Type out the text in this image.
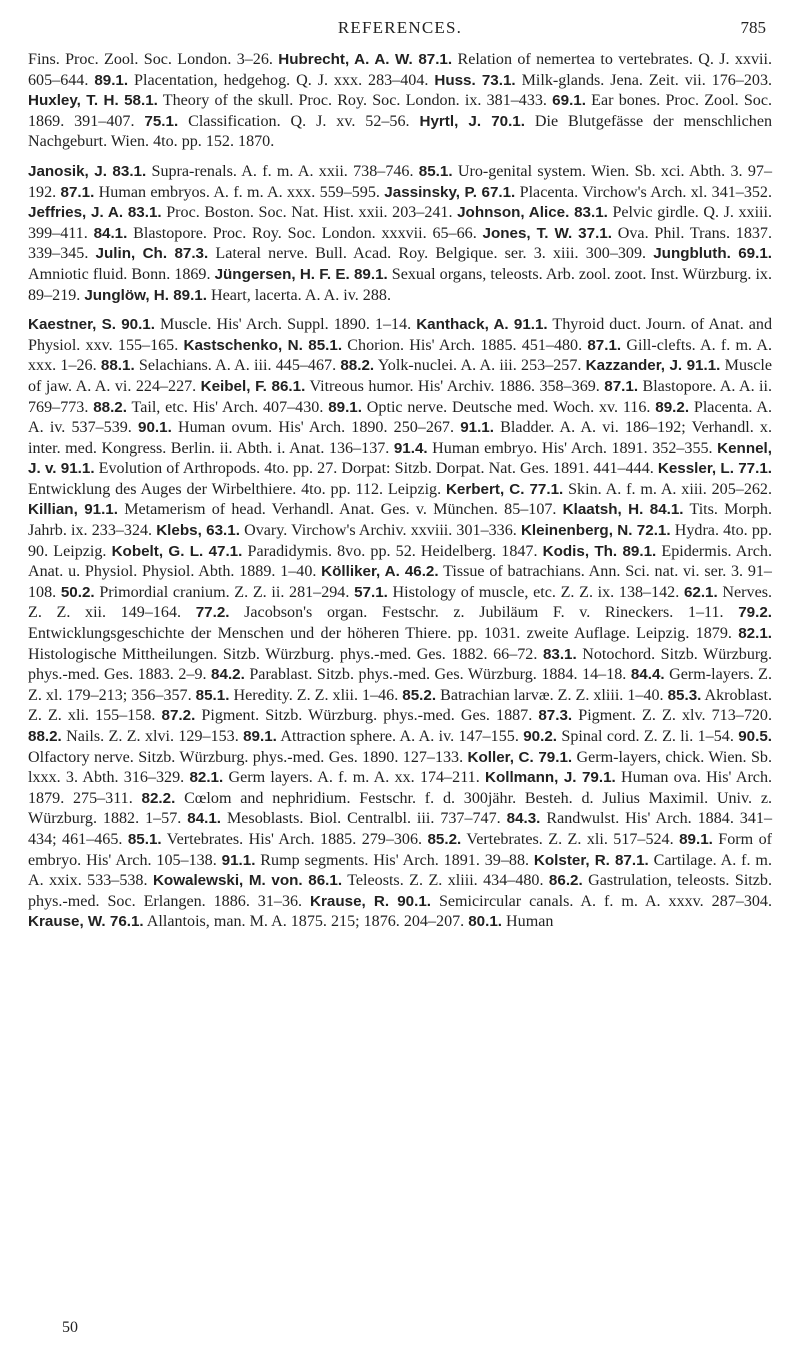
REFERENCES.	785

Fins. Proc. Zool. Soc. London. 3–26. Hubrecht, A. A. W. 87.1. Relation of nemertea to vertebrates. Q. J. xxvii. 605–644. 89.1. Placentation, hedgehog. Q. J. xxx. 283–404. Huss. 73.1. Milk-glands. Jena. Zeit. vii. 176–203. Huxley, T. H. 58.1. Theory of the skull. Proc. Roy. Soc. London. ix. 381–433. 69.1. Ear bones. Proc. Zool. Soc. 1869. 391–407. 75.1. Classification. Q. J. xv. 52–56. Hyrtl, J. 70.1. Die Blutgefässe der menschlichen Nachgeburt. Wien. 4to. pp. 152. 1870.

Janosik, J. 83.1. Supra-renals. A. f. m. A. xxii. 738–746. 85.1. Uro-genital system. Wien. Sb. xci. Abth. 3. 97–192. 87.1. Human embryos. A. f. m. A. xxx. 559–595. Jassinsky, P. 67.1. Placenta. Virchow's Arch. xl. 341–352. Jeffries, J. A. 83.1. Proc. Boston. Soc. Nat. Hist. xxii. 203–241. Johnson, Alice. 83.1. Pelvic girdle. Q. J. xxiii. 399–411. 84.1. Blastopore. Proc. Roy. Soc. London. xxxvii. 65–66. Jones, T. W. 37.1. Ova. Phil. Trans. 1837. 339–345. Julin, Ch. 87.3. Lateral nerve. Bull. Acad. Roy. Belgique. ser. 3. xiii. 300–309. Jungbluth. 69.1. Amniotic fluid. Bonn. 1869. Jüngersen, H. F. E. 89.1. Sexual organs, teleosts. Arb. zool. zoot. Inst. Würzburg. ix. 89–219. Junglöw, H. 89.1. Heart, lacerta. A. A. iv. 288.

Kaestner, S. 90.1. Muscle. His' Arch. Suppl. 1890. 1–14. Kanthack, A. 91.1. Thyroid duct. Journ. of Anat. and Physiol. xxv. 155–165. Kastschenko, N. 85.1. Chorion. His' Arch. 1885. 451–480. 87.1. Gill-clefts. A. f. m. A. xxx. 1–26. 88.1. Selachians. A. A. iii. 445–467. 88.2. Yolk-nuclei. A. A. iii. 253–257. Kazzander, J. 91.1. Muscle of jaw. A. A. vi. 224–227. Keibel, F. 86.1. Vitreous humor. His' Archiv. 1886. 358–369. 87.1. Blastopore. A. A. ii. 769–773. 88.2. Tail, etc. His' Arch. 407–430. 89.1. Optic nerve. Deutsche med. Woch. xv. 116. 89.2. Placenta. A. A. iv. 537–539. 90.1. Human ovum. His' Arch. 1890. 250–267. 91.1. Bladder. A. A. vi. 186–192; Verhandl. x. inter. med. Kongress. Berlin. ii. Abth. i. Anat. 136–137. 91.4. Human embryo. His' Arch. 1891. 352–355. Kennel, J. v. 91.1. Evolution of Arthropods. 4to. pp. 27. Dorpat: Sitzb. Dorpat. Nat. Ges. 1891. 441–444. Kessler, L. 77.1. Entwicklung des Auges der Wirbelthiere. 4to. pp. 112. Leipzig. Kerbert, C. 77.1. Skin. A. f. m. A. xiii. 205–262. Killian, 91.1. Metamerism of head. Verhandl. Anat. Ges. v. München. 85–107. Klaatsh, H. 84.1. Tits. Morph. Jahrb. ix. 233–324. Klebs, 63.1. Ovary. Virchow's Archiv. xxviii. 301–336. Kleinenberg, N. 72.1. Hydra. 4to. pp. 90. Leipzig. Kobelt, G. L. 47.1. Paradidymis. 8vo. pp. 52. Heidelberg. 1847. Kodis, Th. 89.1. Epidermis. Arch. Anat. u. Physiol. Physiol. Abth. 1889. 1–40. Kölliker, A. 46.2. Tissue of batrachians. Ann. Sci. nat. vi. ser. 3. 91–108. 50.2. Primordial cranium. Z. Z. ii. 281–294. 57.1. Histology of muscle, etc. Z. Z. ix. 138–142. 62.1. Nerves. Z. Z. xii. 149–164. 77.2. Jacobson's organ. Festschr. z. Jubiläum F. v. Rineckers. 1–11. 79.2. Entwicklungsgeschichte der Menschen und der höheren Thiere. pp. 1031. zweite Auflage. Leipzig. 1879. 82.1. Histologische Mittheilungen. Sitzb. Würzburg. phys.-med. Ges. 1882. 66–72. 83.1. Notochord. Sitzb. Würzburg. phys.-med. Ges. 1883. 2–9. 84.2. Parablast. Sitzb. phys.-med. Ges. Würzburg. 1884. 14–18. 84.4. Germ-layers. Z. Z. xl. 179–213; 356–357. 85.1. Heredity. Z. Z. xlii. 1–46. 85.2. Batrachian larvæ. Z. Z. xliii. 1–40. 85.3. Akroblast. Z. Z. xli. 155–158. 87.2. Pigment. Sitzb. Würzburg. phys.-med. Ges. 1887. 87.3. Pigment. Z. Z. xlv. 713–720. 88.2. Nails. Z. Z. xlvi. 129–153. 89.1. Attraction sphere. A. A. iv. 147–155. 90.2. Spinal cord. Z. Z. li. 1–54. 90.5. Olfactory nerve. Sitzb. Würzburg. phys.-med. Ges. 1890. 127–133. Koller, C. 79.1. Germ-layers, chick. Wien. Sb. lxxx. 3. Abth. 316–329. 82.1. Germ layers. A. f. m. A. xx. 174–211. Kollmann, J. 79.1. Human ova. His' Arch. 1879. 275–311. 82.2. Cœlom and nephridium. Festschr. f. d. 300jähr. Besteh. d. Julius Maximil. Univ. z. Würzburg. 1882. 1–57. 84.1. Mesoblasts. Biol. Centralbl. iii. 737–747. 84.3. Randwulst. His' Arch. 1884. 341–434; 461–465. 85.1. Vertebrates. His' Arch. 1885. 279–306. 85.2. Vertebrates. Z. Z. xli. 517–524. 89.1. Form of embryo. His' Arch. 105–138. 91.1. Rump segments. His' Arch. 1891. 39–88. Kolster, R. 87.1. Cartilage. A. f. m. A. xxix. 533–538. Kowalewski, M. von. 86.1. Teleosts. Z. Z. xliii. 434–480. 86.2. Gastrulation, teleosts. Sitzb. phys.-med. Soc. Erlangen. 1886. 31–36. Krause, R. 90.1. Semicircular canals. A. f. m. A. xxxv. 287–304. Krause, W. 76.1. Allantois, man. M. A. 1875. 215; 1876. 204–207. 80.1. Human

50
